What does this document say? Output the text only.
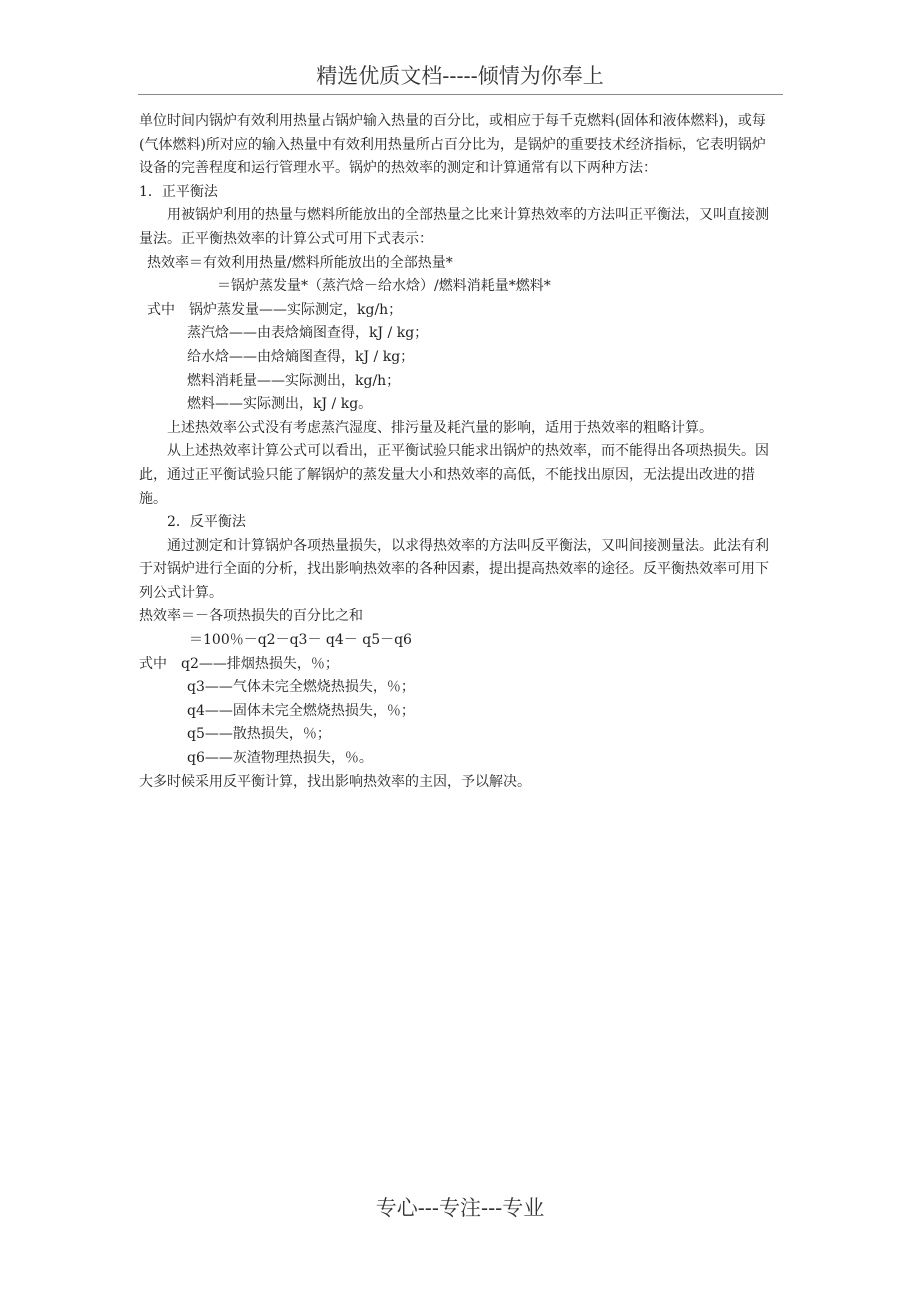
精选优质文档-----倾情为你奉上

单位时间内锅炉有效利用热量占锅炉输入热量的百分比，或相应于每千克燃料(固体和液体燃料)，或每(气体燃料)所对应的输入热量中有效利用热量所占百分比为，是锅炉的重要技术经济指标，它表明锅炉设备的完善程度和运行管理水平。锅炉的热效率的测定和计算通常有以下两种方法：

1．正平衡法

用被锅炉利用的热量与燃料所能放出的全部热量之比来计算热效率的方法叫正平衡法，又叫直接测量法。正平衡热效率的计算公式可用下式表示：

热效率＝有效利用热量/燃料所能放出的全部热量*

＝锅炉蒸发量*（蒸汽焓－给水焓）/燃料消耗量*燃料*

式中　锅炉蒸发量——实际测定，kg/h；

蒸汽焓——由表焓熵图查得，kJ / kg；

给水焓——由焓熵图查得，kJ / kg；

燃料消耗量——实际测出，kg/h；

燃料——实际测出，kJ / kg。

上述热效率公式没有考虑蒸汽湿度、排污量及耗汽量的影响，适用于热效率的粗略计算。

从上述热效率计算公式可以看出，正平衡试验只能求出锅炉的热效率，而不能得出各项热损失。因此，通过正平衡试验只能了解锅炉的蒸发量大小和热效率的高低，不能找出原因，无法提出改进的措施。

2．反平衡法

通过测定和计算锅炉各项热量损失，以求得热效率的方法叫反平衡法，又叫间接测量法。此法有利于对锅炉进行全面的分析，找出影响热效率的各种因素，提出提高热效率的途径。反平衡热效率可用下列公式计算。

热效率＝－各项热损失的百分比之和

＝100％－q2－q3－ q4－ q5－q6

式中　q2——排烟热损失，％；

q3——气体未完全燃烧热损失，％；

q4——固体未完全燃烧热损失，％；

q5——散热损失，％；

q6——灰渣物理热损失，％。

大多时候采用反平衡计算，找出影响热效率的主因，予以解决。

专心---专注---专业
